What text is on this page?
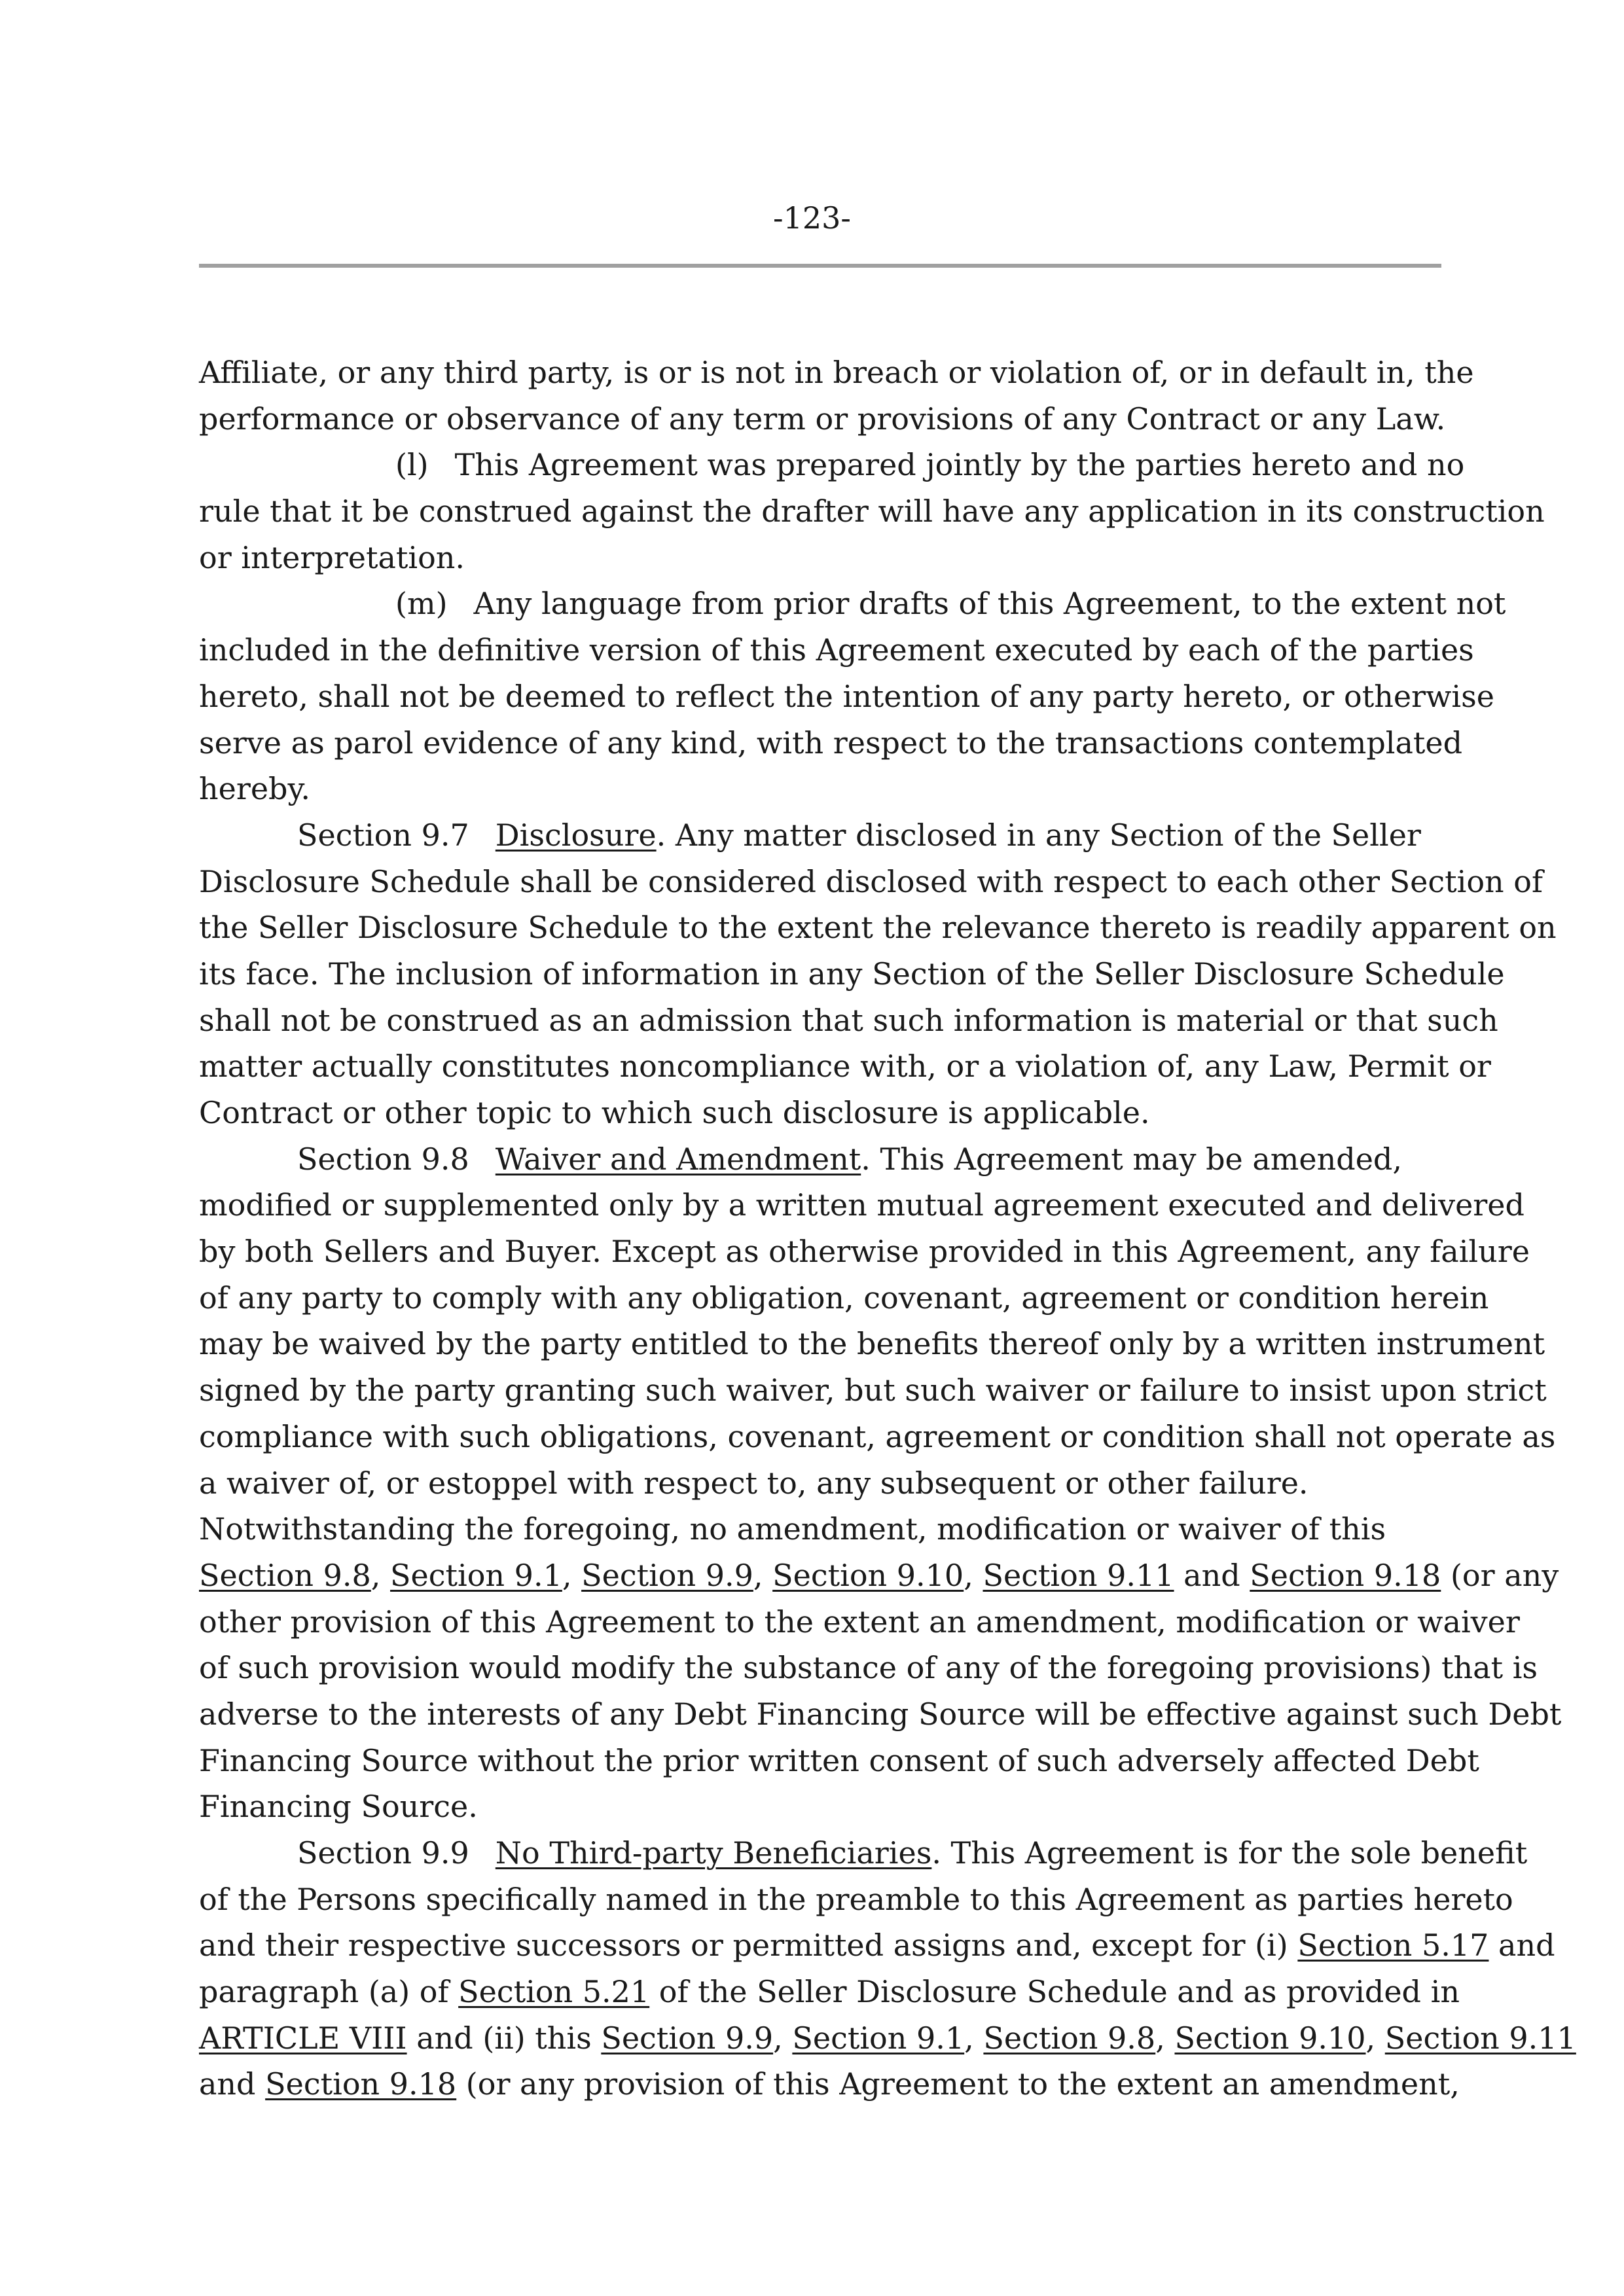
-123-
Affiliate, or any third party, is or is not in breach or violation of, or in default in, the
performance or observance of any term or provisions of any Contract or any Law.
(l) This Agreement was prepared jointly by the parties hereto and no
rule that it be construed against the drafter will have any application in its construction
or interpretation.
(m) Any language from prior drafts of this Agreement, to the extent not
included in the definitive version of this Agreement executed by each of the parties
hereto, shall not be deemed to reflect the intention of any party hereto, or otherwise
serve as parol evidence of any kind, with respect to the transactions contemplated
hereby.
Section 9.7 Disclosure. Any matter disclosed in any Section of the Seller
Disclosure Schedule shall be considered disclosed with respect to each other Section of
the Seller Disclosure Schedule to the extent the relevance thereto is readily apparent on
its face. The inclusion of information in any Section of the Seller Disclosure Schedule
shall not be construed as an admission that such information is material or that such
matter actually constitutes noncompliance with, or a violation of, any Law, Permit or
Contract or other topic to which such disclosure is applicable.
Section 9.8 Waiver and Amendment. This Agreement may be amended,
modified or supplemented only by a written mutual agreement executed and delivered
by both Sellers and Buyer. Except as otherwise provided in this Agreement, any failure
of any party to comply with any obligation, covenant, agreement or condition herein
may be waived by the party entitled to the benefits thereof only by a written instrument
signed by the party granting such waiver, but such waiver or failure to insist upon strict
compliance with such obligations, covenant, agreement or condition shall not operate as
a waiver of, or estoppel with respect to, any subsequent or other failure.
Notwithstanding the foregoing, no amendment, modification or waiver of this
Section 9.8, Section 9.1, Section 9.9, Section 9.10, Section 9.11 and Section 9.18 (or any
other provision of this Agreement to the extent an amendment, modification or waiver
of such provision would modify the substance of any of the foregoing provisions) that is
adverse to the interests of any Debt Financing Source will be effective against such Debt
Financing Source without the prior written consent of such adversely affected Debt
Financing Source.
Section 9.9 No Third-party Beneficiaries. This Agreement is for the sole benefit
of the Persons specifically named in the preamble to this Agreement as parties hereto
and their respective successors or permitted assigns and, except for (i) Section 5.17 and
paragraph (a) of Section 5.21 of the Seller Disclosure Schedule and as provided in
ARTICLE VIII and (ii) this Section 9.9, Section 9.1, Section 9.8, Section 9.10, Section 9.11
and Section 9.18 (or any provision of this Agreement to the extent an amendment,
